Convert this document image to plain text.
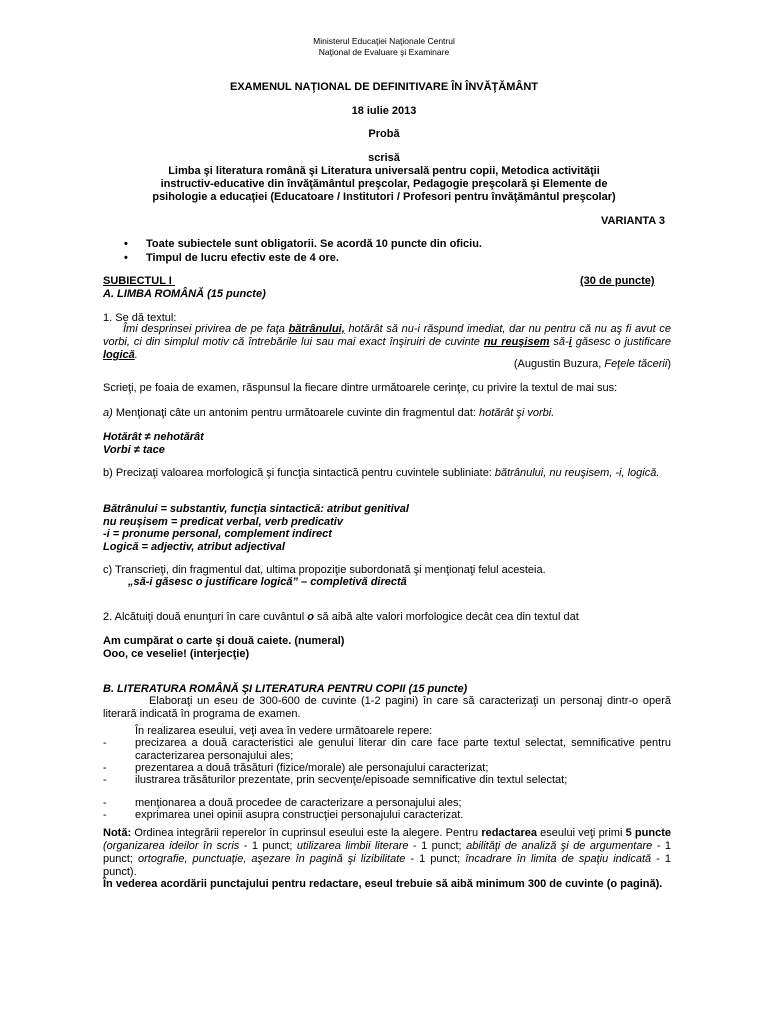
Ministerul Educaţiei Naţionale Centrul
Naţional de Evaluare şi Examinare
EXAMENUL NAŢIONAL DE DEFINITIVARE ÎN ÎNVĂŢĂMÂNT
18 iulie 2013
Probă
scrisă
Limba şi literatura română şi Literatura universală pentru copii, Metodica activităţii
instructiv-educative din învăţământul preşcolar, Pedagogie preşcolară şi Elemente de
psihologie a educaţiei (Educatoare / Institutori / Profesori pentru învăţământul preşcolar)
VARIANTA 3
• Toate subiectele sunt obligatorii. Se acordă 10 puncte din oficiu.
• Timpul de lucru efectiv este de 4 ore.
SUBIECTUL I	(30 de puncte)
A. LIMBA ROMÂNĂ (15 puncte)
1. Se dă textul:
Îmi desprinsei privirea de pe faţa bătrânului, hotărât să nu-i răspund imediat, dar nu pentru că nu aş fi avut ce vorbi, ci din simplul motiv că întrebările lui sau mai exact înşiruiri de cuvinte nu reuşisem să-i găsesc o justificare logică.
(Augustin Buzura, Feţele tăcerii)
Scrieţi, pe foaia de examen, răspunsul la fiecare dintre următoarele cerinţe, cu privire la textul de mai sus:
a) Menţionaţi câte un antonim pentru următoarele cuvinte din fragmentul dat: hotărât şi vorbi.
Hotărât ≠ nehotărât
Vorbi ≠ tace
b) Precizaţi valoarea morfologică şi funcţia sintactică pentru cuvintele subliniate: bătrânului, nu reuşisem, -i, logică.
Bătrânului = substantiv, funcţia sintactică: atribut genitival
nu reuşisem = predicat verbal, verb predicativ
-i = pronume personal, complement indirect
Logică = adjectiv, atribut adjectival
c) Transcrieţi, din fragmentul dat, ultima propoziţie subordonată şi menţionaţi felul acesteia.
„să-i găsesc o justificare logică” – completivă directă
2. Alcătuiţi două enunţuri în care cuvântul o să aibă alte valori morfologice decât cea din textul dat
Am cumpărat o carte şi două caiete. (numeral)
Ooo, ce veselie! (interjecţie)
B. LITERATURA ROMÂNĂ ŞI LITERATURA PENTRU COPII (15 puncte)
Elaboraţi un eseu de 300-600 de cuvinte (1-2 pagini) în care să caracterizaţi un personaj dintr-o operă literară indicată în programa de examen.
În realizarea eseului, veţi avea în vedere următoarele repere:
-	precizarea a două caracteristici ale genului literar din care face parte textul selectat, semnificative pentru caracterizarea personajului ales;
-	prezentarea a două trăsături (fizice/morale) ale personajului caracterizat;
-	ilustrarea trăsăturilor prezentate, prin secvenţe/episoade semnificative din textul selectat;
-	menţionarea a două procedee de caracterizare a personajului ales;
-	exprimarea unei opinii asupra construcţiei personajului caracterizat.
Notă: Ordinea integrării reperelor în cuprinsul eseului este la alegere. Pentru redactarea eseului veţi primi 5 puncte (organizarea ideilor în scris - 1 punct; utilizarea limbii literare - 1 punct; abilităţi de analiză şi de argumentare - 1 punct; ortografie, punctuaţie, aşezare în pagină şi lizibilitate - 1 punct; încadrare în limita de spaţiu indicată - 1 punct).
În vederea acordării punctajului pentru redactare, eseul trebuie să aibă minimum 300 de cuvinte (o pagină).
